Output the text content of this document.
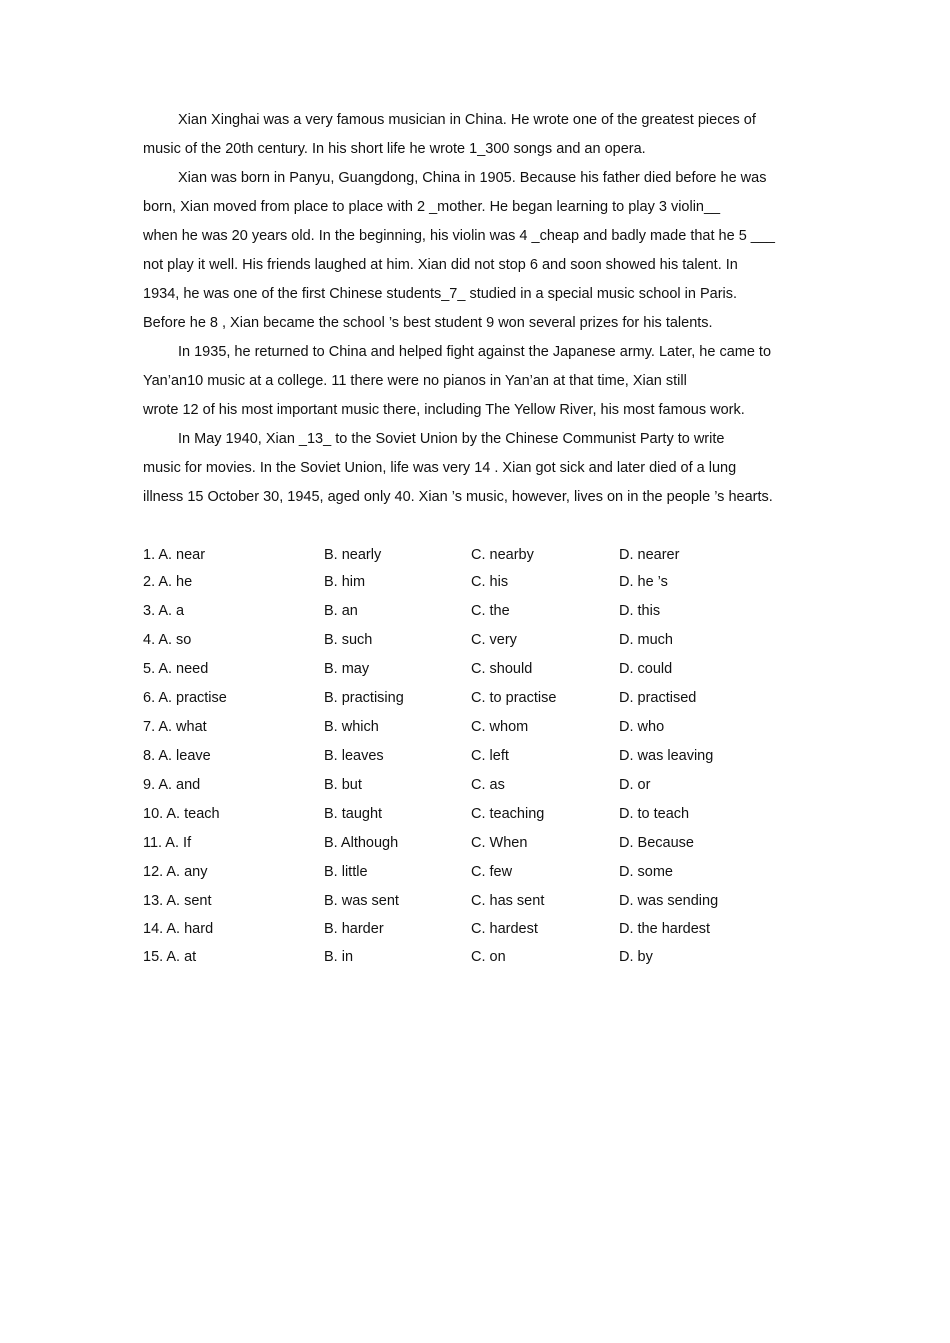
Xian Xinghai was a very famous musician in China. He wrote one of the greatest pieces of
music of the 20th century. In his short life he wrote 1_300 songs and an opera.
Xian was born in Panyu, Guangdong, China in 1905. Because his father died before he was
born, Xian moved from place to place with 2 _mother. He began learning to play 3 violin__
when he was 20 years old. In the beginning, his violin was 4 _cheap and badly made that he 5 ___
not play it well. His friends laughed at him. Xian did not stop 6 and soon showed his talent. In
1934, he was one of the first Chinese students_7_ studied in a special music school in Paris.
Before he 8 , Xian became the school ’s best student 9 won several prizes for his talents.
In 1935, he returned to China and helped fight against the Japanese army. Later, he came to
Yan’an10 music at a college. 11 there were no pianos in Yan’an at that time, Xian still
wrote 12 of his most important music there, including The Yellow River, his most famous work.
In May 1940, Xian _13_ to the Soviet Union by the Chinese Communist Party to write
music for movies. In the Soviet Union, life was very 14 . Xian got sick and later died of a lung
illness 15 October 30, 1945, aged only 40. Xian ’s music, however, lives on in the people ’s hearts.
1. A. near	B. nearly	C. nearby	D. nearer
2. A. he	B. him	C. his	D. he ’s
3. A. a	B. an	C. the	D. this
4. A. so	B. such	C. very	D. much
5. A. need	B. may	C. should	D. could
6. A. practise	B. practising	C. to practise	D. practised
7. A. what	B. which	C. whom	D. who
8. A. leave	B. leaves	C. left	D. was leaving
9. A. and	B. but	C. as	D. or
10. A. teach	B. taught	C. teaching	D. to teach
11. A. If	B. Although	C. When	D. Because
12. A. any	B. little	C. few	D. some
13. A. sent	B. was sent	C. has sent	D. was sending
14. A. hard	B. harder	C. hardest	D. the hardest
15. A. at	B. in	C. on	D. by
